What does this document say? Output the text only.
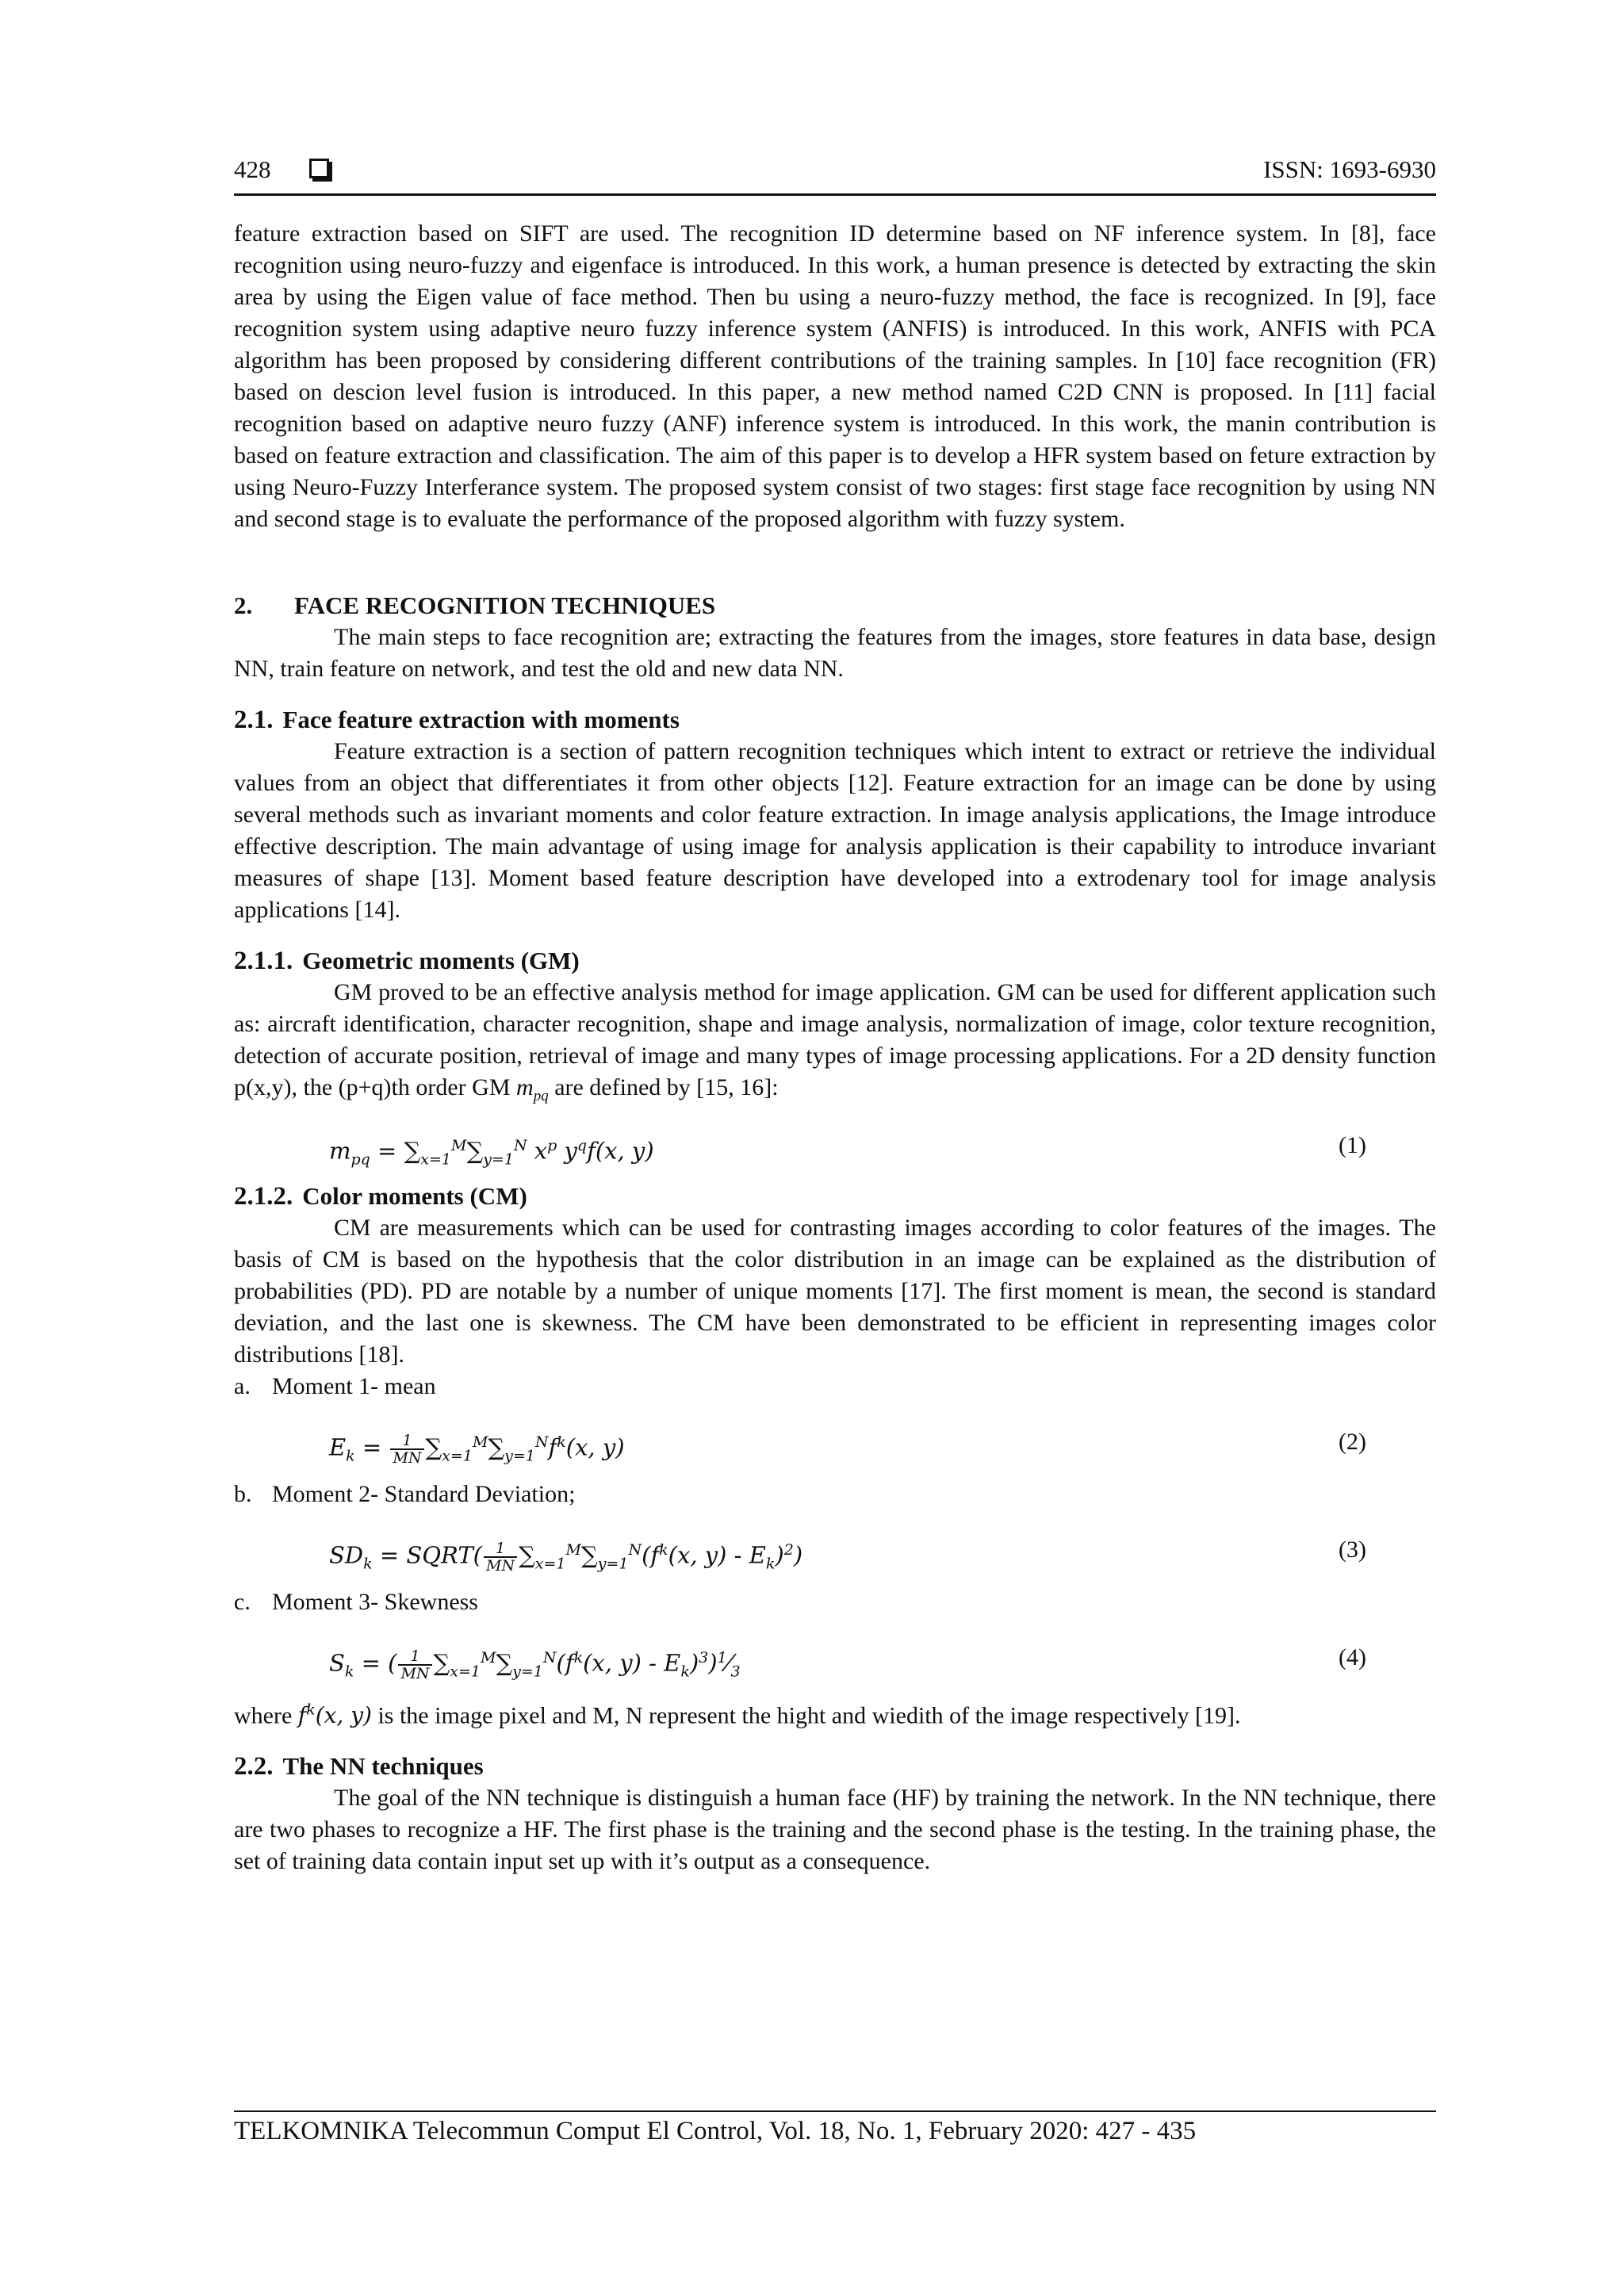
428	ISSN: 1693-6930

feature extraction based on SIFT are used. The recognition ID determine based on NF inference system. In [8], face recognition using neuro-fuzzy and eigenface is introduced. In this work, a human presence is detected by extracting the skin area by using the Eigen value of face method. Then bu using a neuro-fuzzy method, the face is recognized. In [9], face recognition system using adaptive neuro fuzzy inference system (ANFIS) is introduced. In this work, ANFIS with PCA algorithm has been proposed by considering different contributions of the training samples. In [10] face recognition (FR) based on descion level fusion is introduced. In this paper, a new method named C2D CNN is proposed. In [11] facial recognition based on adaptive neuro fuzzy (ANF) inference system is introduced. In this work, the manin contribution is based on feature extraction and classification. The aim of this paper is to develop a HFR system based on feture extraction by using Neuro-Fuzzy Interferance system. The proposed system consist of two stages: first stage face recognition by using NN and second stage is to evaluate the performance of the proposed algorithm with fuzzy system.

2. FACE RECOGNITION TECHNIQUES

The main steps to face recognition are; extracting the features from the images, store features in data base, design NN, train feature on network, and test the old and new data NN.

2.1. Face feature extraction with moments

Feature extraction is a section of pattern recognition techniques which intent to extract or retrieve the individual values from an object that differentiates it from other objects [12]. Feature extraction for an image can be done by using several methods such as invariant moments and color feature extraction. In image analysis applications, the Image introduce effective description. The main advantage of using image for analysis application is their capability to introduce invariant measures of shape [13]. Moment based feature description have developed into a extrodenary tool for image analysis applications [14].

2.1.1. Geometric moments (GM)

GM proved to be an effective analysis method for image application. GM can be used for different application such as: aircraft identification, character recognition, shape and image analysis, normalization of image, color texture recognition, detection of accurate position, retrieval of image and many types of image processing applications. For a 2D density function p(x,y), the (p+q)th order GM $m_{pq}$ are defined by [15, 16]:

$m_{pq} = \sum_{x=1}^M\sum_{y=1}^N$ $x^p$ $y^qf(x$, y)	(1)
2.1.2. Color moments (CM)

CM are measurements which can be used for contrasting images according to color features of the images. The basis of CM is based on the hypothesis that the color distribution in an image can be explained as the distribution of probabilities (PD). PD are notable by a number of unique moments [17]. The first moment is mean, the second is standard deviation, and the last one is skewness. The CM have been demonstrated to be efficient in representing images color distributions [18].

a. Moment 1- mean

$E_k = \frac{1}{MN} \sum_{x=1}^M\sum_{y=1}^Nf^k(x$, y)	(2)

b. Moment 2- Standard Deviation;

$SD_k$ = SQRT( $\frac{1}{MN} \sum_{x=1}^M\sum_{y=1}^N(f^k(x$, $y) - E_k)^2$)	(3)

c. Moment 3- Skewness

$S_k$ = ( $\frac{1}{MN} \sum_{x=1}^M\sum_{y=1}^N(f^k(x$, $y) - E_k)^3)^1⁄_3$
(4)

where $f^k(x$, y) is the image pixel and M, N represent the hight and wiedith of the image respectively [19].

2.2. The NN techniques

The goal of the NN technique is distinguish a human face (HF) by training the network. In the NN technique, there are two phases to recognize a HF. The first phase is the training and the second phase is the testing. In the training phase, the set of training data contain input set up with it’s output as a consequence.

TELKOMNIKA Telecommun Comput El Control, Vol. 18, No. 1, February 2020: 427 - 435
